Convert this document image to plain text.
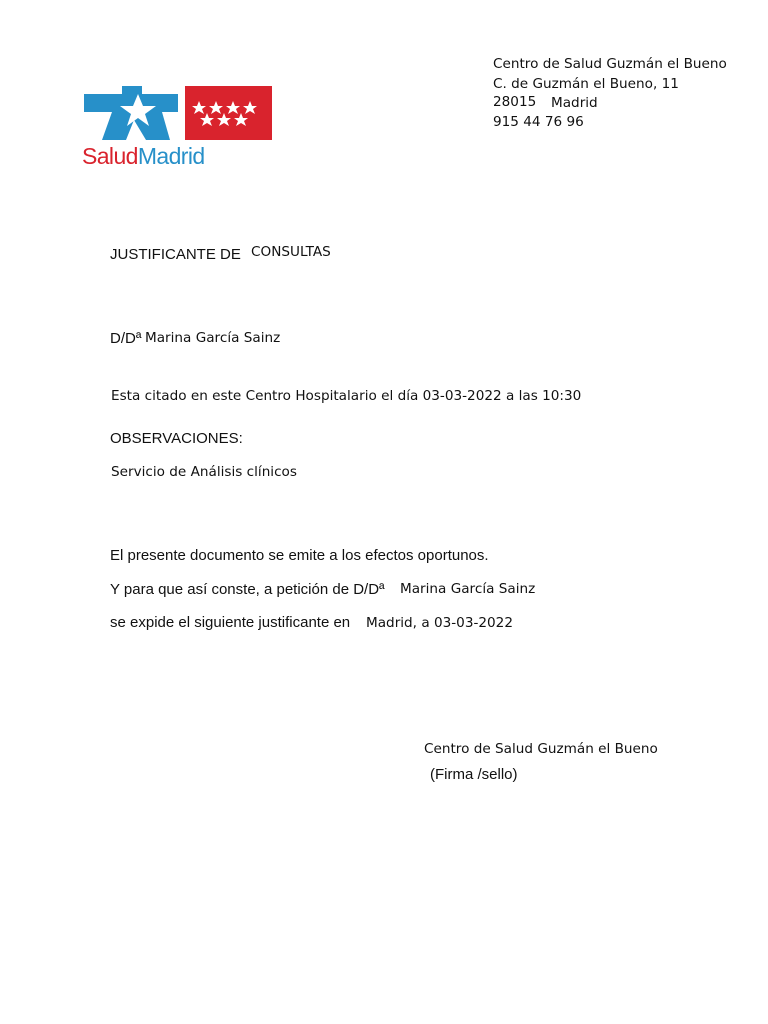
SaludMadrid
Centro de Salud Guzmán el Bueno
C. de Guzmán el Bueno, 11
28015 Madrid
915 44 76 96
JUSTIFICANTE DE CONSULTAS
D/Dª Marina García Sainz
Esta citado en este Centro Hospitalario el día 03-03-2022 a las 10:30
OBSERVACIONES:
Servicio de Análisis clínicos
El presente documento se emite a los efectos oportunos.
Y para que así conste, a petición de D/Dª Marina García Sainz
se expide el siguiente justificante en Madrid, a 03-03-2022
Centro de Salud Guzmán el Bueno
(Firma /sello)
